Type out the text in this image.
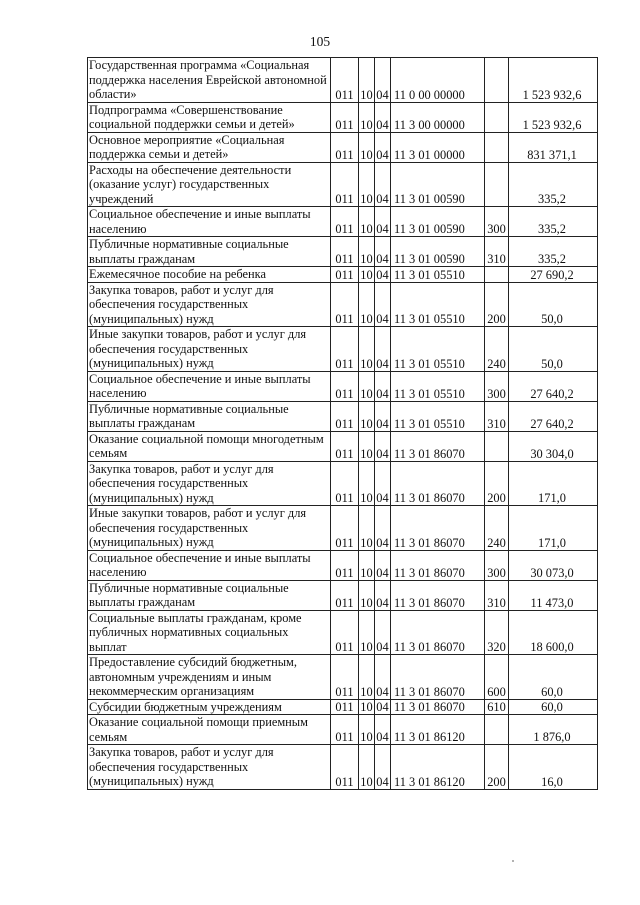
105
Государственная программа «Социальная поддержка населения Еврейской автономной области»	011	10	04	11 0 00 00000		1 523 932,6
Подпрограмма «Совершенствование социальной поддержки семьи и детей»	011	10	04	11 3 00 00000		1 523 932,6
Основное мероприятие «Социальная поддержка семьи и детей»	011	10	04	11 3 01 00000		831 371,1
Расходы на обеспечение деятельности (оказание услуг) государственных учреждений	011	10	04	11 3 01 00590		335,2
Социальное обеспечение и иные выплаты населению	011	10	04	11 3 01 00590	300	335,2
Публичные нормативные социальные выплаты гражданам	011	10	04	11 3 01 00590	310	335,2
Ежемесячное пособие на ребенка	011	10	04	11 3 01 05510		27 690,2
Закупка товаров, работ и услуг для обеспечения государственных (муниципальных) нужд	011	10	04	11 3 01 05510	200	50,0
Иные закупки товаров, работ и услуг для обеспечения государственных (муниципальных) нужд	011	10	04	11 3 01 05510	240	50,0
Социальное обеспечение и иные выплаты населению	011	10	04	11 3 01 05510	300	27 640,2
Публичные нормативные социальные выплаты гражданам	011	10	04	11 3 01 05510	310	27 640,2
Оказание социальной помощи многодетным семьям	011	10	04	11 3 01 86070		30 304,0
Закупка товаров, работ и услуг для обеспечения государственных (муниципальных) нужд	011	10	04	11 3 01 86070	200	171,0
Иные закупки товаров, работ и услуг для обеспечения государственных (муниципальных) нужд	011	10	04	11 3 01 86070	240	171,0
Социальное обеспечение и иные выплаты населению	011	10	04	11 3 01 86070	300	30 073,0
Публичные нормативные социальные выплаты гражданам	011	10	04	11 3 01 86070	310	11 473,0
Социальные выплаты гражданам, кроме публичных нормативных социальных выплат	011	10	04	11 3 01 86070	320	18 600,0
Предоставление субсидий бюджетным, автономным учреждениям и иным некоммерческим организациям	011	10	04	11 3 01 86070	600	60,0
Субсидии бюджетным учреждениям	011	10	04	11 3 01 86070	610	60,0
Оказание социальной помощи приемным семьям	011	10	04	11 3 01 86120		1 876,0
Закупка товаров, работ и услуг для обеспечения государственных (муниципальных) нужд	011	10	04	11 3 01 86120	200	16,0
